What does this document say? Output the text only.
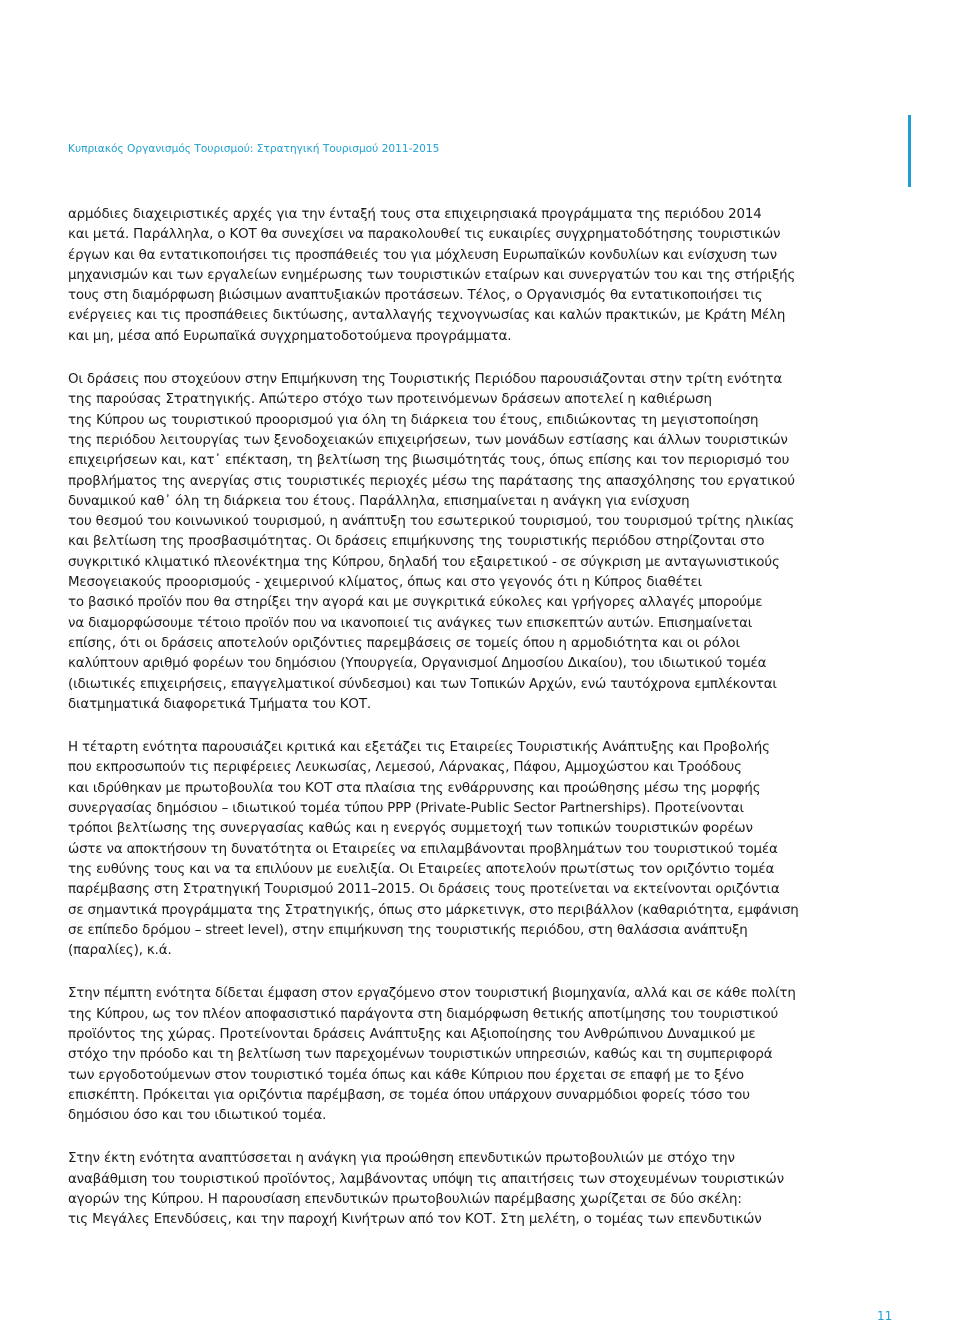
Κυπριακός Οργανισμός Τουρισμού: Στρατηγική Τουρισμού 2011-2015
αρμόδιες διαχειριστικές αρχές για την ένταξή τους στα επιχειρησιακά προγράμματα της περιόδου 2014
και μετά. Παράλληλα, ο ΚΟΤ θα συνεχίσει να παρακολουθεί τις ευκαιρίες συγχρηματοδότησης τουριστικών
έργων και θα εντατικοποιήσει τις προσπάθειές του για μόχλευση Ευρωπαϊκών κονδυλίων και ενίσχυση των
μηχανισμών και των εργαλείων ενημέρωσης των τουριστικών εταίρων και συνεργατών του και της στήριξής
τους στη διαμόρφωση βιώσιμων αναπτυξιακών προτάσεων. Τέλος, ο Οργανισμός θα εντατικοποιήσει τις
ενέργειες και τις προσπάθειες δικτύωσης, ανταλλαγής τεχνογνωσίας και καλών πρακτικών, με Κράτη Μέλη
και μη, μέσα από Ευρωπαϊκά συγχρηματοδοτούμενα προγράμματα.
Οι δράσεις που στοχεύουν στην Επιμήκυνση της Τουριστικής Περιόδου παρουσιάζονται στην τρίτη ενότητα
της παρούσας Στρατηγικής. Απώτερο στόχο των προτεινόμενων δράσεων αποτελεί η καθιέρωση
της Κύπρου ως τουριστικού προορισμού για όλη τη διάρκεια του έτους, επιδιώκοντας τη μεγιστοποίηση
της περιόδου λειτουργίας των ξενοδοχειακών επιχειρήσεων, των μονάδων εστίασης και άλλων τουριστικών
επιχειρήσεων και, κατ᾽ επέκταση, τη βελτίωση της βιωσιμότητάς τους, όπως επίσης και τον περιορισμό του
προβλήματος της ανεργίας στις τουριστικές περιοχές μέσω της παράτασης της απασχόλησης του εργατικού
δυναμικού καθ᾽ όλη τη διάρκεια του έτους. Παράλληλα, επισημαίνεται η ανάγκη για ενίσχυση
του θεσμού του κοινωνικού τουρισμού, η ανάπτυξη του εσωτερικού τουρισμού, του τουρισμού τρίτης ηλικίας
και βελτίωση της προσβασιμότητας. Οι δράσεις επιμήκυνσης της τουριστικής περιόδου στηρίζονται στο
συγκριτικό κλιματικό πλεονέκτημα της Κύπρου, δηλαδή του εξαιρετικού - σε σύγκριση με ανταγωνιστικούς
Μεσογειακούς προορισμούς - χειμερινού κλίματος, όπως και στο γεγονός ότι η Κύπρος διαθέτει
το βασικό προϊόν που θα στηρίξει την αγορά και με συγκριτικά εύκολες και γρήγορες αλλαγές μπορούμε
να διαμορφώσουμε τέτοιο προϊόν που να ικανοποιεί τις ανάγκες των επισκεπτών αυτών. Επισημαίνεται
επίσης, ότι οι δράσεις αποτελούν οριζόντιες παρεμβάσεις σε τομείς όπου η αρμοδιότητα και οι ρόλοι
καλύπτουν αριθμό φορέων του δημόσιου (Υπουργεία, Οργανισμοί Δημοσίου Δικαίου), του ιδιωτικού τομέα
(ιδιωτικές επιχειρήσεις, επαγγελματικοί σύνδεσμοι) και των Τοπικών Αρχών, ενώ ταυτόχρονα εμπλέκονται
διατμηματικά διαφορετικά Τμήματα του ΚΟΤ.
Η τέταρτη ενότητα παρουσιάζει κριτικά και εξετάζει τις Εταιρείες Τουριστικής Ανάπτυξης και Προβολής
που εκπροσωπούν τις περιφέρειες Λευκωσίας, Λεμεσού, Λάρνακας, Πάφου, Αμμοχώστου και Τροόδους
και ιδρύθηκαν με πρωτοβουλία του ΚΟΤ στα πλαίσια της ενθάρρυνσης και προώθησης μέσω της μορφής
συνεργασίας δημόσιου – ιδιωτικού τομέα τύπου PPP (Private-Public Sector Partnerships). Προτείνονται
τρόποι βελτίωσης της συνεργασίας καθώς και η ενεργός συμμετοχή των τοπικών τουριστικών φορέων
ώστε να αποκτήσουν τη δυνατότητα οι Εταιρείες να επιλαμβάνονται προβλημάτων του τουριστικού τομέα
της ευθύνης τους και να τα επιλύουν με ευελιξία. Οι Εταιρείες αποτελούν πρωτίστως τον οριζόντιο τομέα
παρέμβασης στη Στρατηγική Τουρισμού 2011–2015. Οι δράσεις τους προτείνεται να εκτείνονται οριζόντια
σε σημαντικά προγράμματα της Στρατηγικής, όπως στο μάρκετινγκ, στο περιβάλλον (καθαριότητα, εμφάνιση
σε επίπεδο δρόμου – street level), στην επιμήκυνση της τουριστικής περιόδου, στη θαλάσσια ανάπτυξη
(παραλίες), κ.ά.
Στην πέμπτη ενότητα δίδεται έμφαση στον εργαζόμενο στον τουριστική βιομηχανία, αλλά και σε κάθε πολίτη
της Κύπρου, ως τον πλέον αποφασιστικό παράγοντα στη διαμόρφωση θετικής αποτίμησης του τουριστικού
προϊόντος της χώρας. Προτείνονται δράσεις Ανάπτυξης και Αξιοποίησης του Ανθρώπινου Δυναμικού με
στόχο την πρόοδο και τη βελτίωση των παρεχομένων τουριστικών υπηρεσιών, καθώς και τη συμπεριφορά
των εργοδοτούμενων στον τουριστικό τομέα όπως και κάθε Κύπριου που έρχεται σε επαφή με το ξένο
επισκέπτη. Πρόκειται για οριζόντια παρέμβαση, σε τομέα όπου υπάρχουν συναρμόδιοι φορείς τόσο του
δημόσιου όσο και του ιδιωτικού τομέα.
Στην έκτη ενότητα αναπτύσσεται η ανάγκη για προώθηση επενδυτικών πρωτοβουλιών με στόχο την
αναβάθμιση του τουριστικού προϊόντος, λαμβάνοντας υπόψη τις απαιτήσεις των στοχευμένων τουριστικών
αγορών της Κύπρου. Η παρουσίαση επενδυτικών πρωτοβουλιών παρέμβασης χωρίζεται σε δύο σκέλη:
τις Μεγάλες Επενδύσεις, και την παροχή Κινήτρων από τον ΚΟΤ. Στη μελέτη, ο τομέας των επενδυτικών
11
